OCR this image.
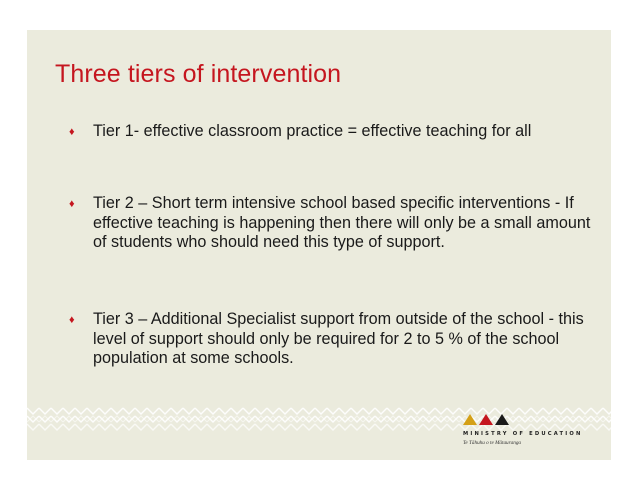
Three tiers of intervention
♦	Tier 1- effective classroom practice = effective teaching for all
♦	Tier 2 – Short term intensive school based specific interventions - If effective teaching is happening then there will only be a small amount of students who should need this type of support.
♦	Tier 3 – Additional Specialist support from outside of the school - this level of support should only be required for 2 to 5 % of the school population at some schools.
MINISTRY OF EDUCATION
Te Tāhuhu o te Mātauranga
